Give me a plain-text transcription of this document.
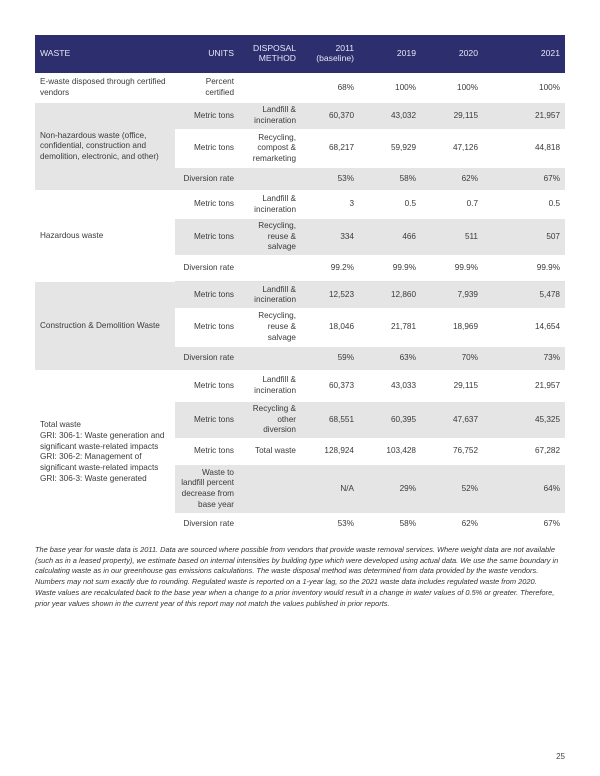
WASTE	UNITS	DISPOSAL METHOD	2011 (baseline)	2019	2020	2021
E-waste disposed through certified vendors	Percent certified		68%	100%	100%	100%
Non-hazardous waste (office, confidential, construction and demolition, electronic, and other)	Metric tons	Landfill & incineration	60,370	43,032	29,115	21,957
	Metric tons	Recycling, compost & remarketing	68,217	59,929	47,126	44,818
	Diversion rate		53%	58%	62%	67%
Hazardous waste	Metric tons	Landfill & incineration	3	0.5	0.7	0.5
	Metric tons	Recycling, reuse & salvage	334	466	511	507
	Diversion rate		99.2%	99.9%	99.9%	99.9%
Construction & Demolition Waste	Metric tons	Landfill & incineration	12,523	12,860	7,939	5,478
	Metric tons	Recycling, reuse & salvage	18,046	21,781	18,969	14,654
	Diversion rate		59%	63%	70%	73%
Total waste
GRI: 306-1: Waste generation and significant waste-related impacts
GRI: 306-2: Management of significant waste-related impacts
GRI: 306-3: Waste generated	Metric tons	Landfill & incineration	60,373	43,033	29,115	21,957
	Metric tons	Recycling & other diversion	68,551	60,395	47,637	45,325
	Metric tons	Total waste	128,924	103,428	76,752	67,282
	Waste to landfill percent decrease from base year		N/A	29%	52%	64%
	Diversion rate		53%	58%	62%	67%

The base year for waste data is 2011. Data are sourced where possible from vendors that provide waste removal services. Where weight data are not available (such as in a leased property), we estimate based on internal intensities by building type which were developed using actual data. We use the same boundary in calculating waste as in our greenhouse gas emissions calculations. The waste disposal method was determined from data provided by the waste vendors. Numbers may not sum exactly due to rounding. Regulated waste is reported on a 1-year lag, so the 2021 waste data includes regulated waste from 2020.

Waste values are recalculated back to the base year when a change to a prior inventory would result in a change in water values of 0.5% or greater. Therefore, prior year values shown in the current year of this report may not match the values published in prior reports.

25
